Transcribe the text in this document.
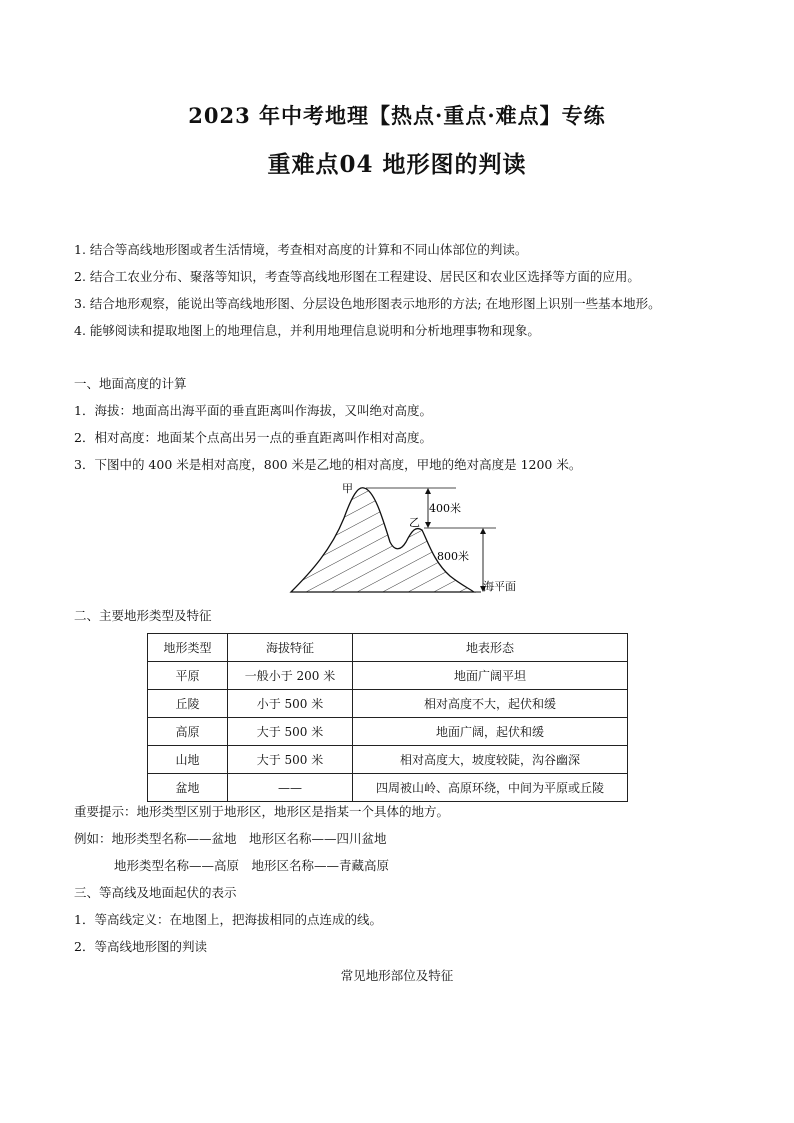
2023 年中考地理【热点·重点·难点】专练
重难点04 地形图的判读
1. 结合等高线地形图或者生活情境，考查相对高度的计算和不同山体部位的判读。
2. 结合工农业分布、聚落等知识，考查等高线地形图在工程建设、居民区和农业区选择等方面的应用。
3. 结合地形观察，能说出等高线地形图、分层设色地形图表示地形的方法; 在地形图上识别一些基本地形。
4. 能够阅读和提取地图上的地理信息，并利用地理信息说明和分析地理事物和现象。
一、地面高度的计算
1．海拔：地面高出海平面的垂直距离叫作海拔，又叫绝对高度。
2．相对高度：地面某个点高出另一点的垂直距离叫作相对高度。
3．下图中的 400 米是相对高度，800 米是乙地的相对高度，甲地的绝对高度是 1200 米。
甲
乙
400米
800米
海平面
二、主要地形类型及特征
地形类型	海拔特征	地表形态
平原	一般小于 200 米	地面广阔平坦
丘陵	小于 500 米	相对高度不大，起伏和缓
高原	大于 500 米	地面广阔，起伏和缓
山地	大于 500 米	相对高度大，坡度较陡，沟谷幽深
盆地	——	四周被山岭、高原环绕，中间为平原或丘陵
重要提示：地形类型区别于地形区，地形区是指某一个具体的地方。
例如：地形类型名称——盆地　地形区名称——四川盆地
地形类型名称——高原　地形区名称——青藏高原
三、等高线及地面起伏的表示
1．等高线定义：在地图上，把海拔相同的点连成的线。
2．等高线地形图的判读
常见地形部位及特征
